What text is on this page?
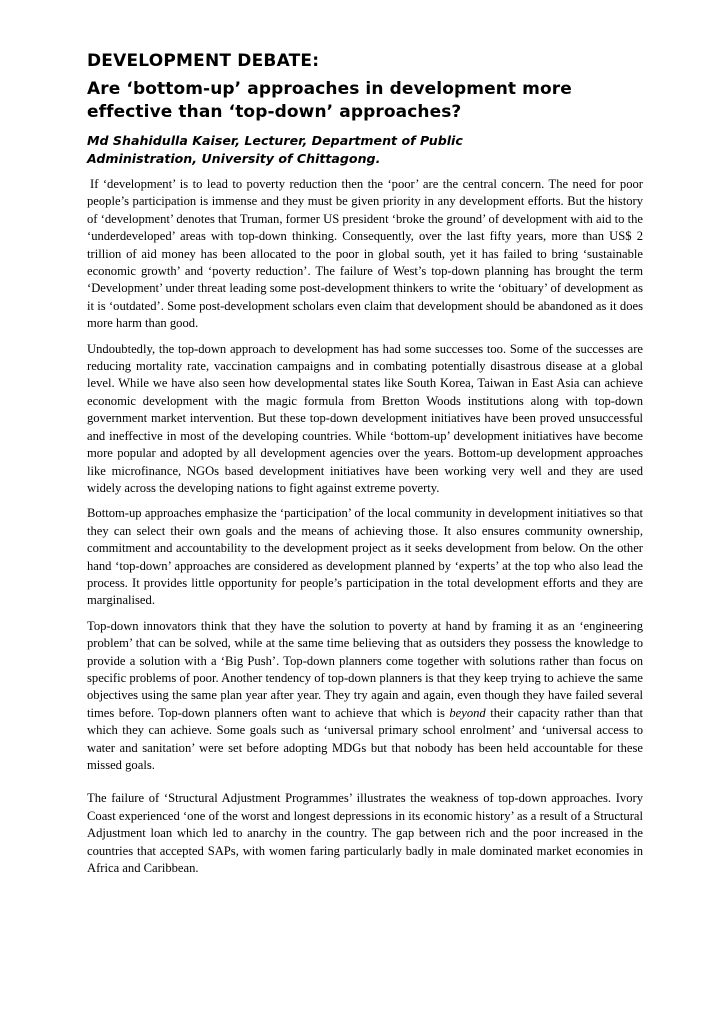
DEVELOPMENT DEBATE:
Are ‘bottom-up’ approaches in development more effective than ‘top-down’ approaches?
Md Shahidulla Kaiser, Lecturer, Department of Public Administration, University of Chittagong.

If ‘development’ is to lead to poverty reduction then the ‘poor’ are the central concern. The need for poor people’s participation is immense and they must be given priority in any development efforts. But the history of ‘development’ denotes that Truman, former US president ‘broke the ground’ of development with aid to the ‘underdeveloped’ areas with top-down thinking. Consequently, over the last fifty years, more than US$ 2 trillion of aid money has been allocated to the poor in global south, yet it has failed to bring ‘sustainable economic growth’ and ‘poverty reduction’. The failure of West’s top-down planning has brought the term ‘Development’ under threat leading some post-development thinkers to write the ‘obituary’ of development as it is ‘outdated’. Some post-development scholars even claim that development should be abandoned as it does more harm than good.

Undoubtedly, the top-down approach to development has had some successes too. Some of the successes are reducing mortality rate, vaccination campaigns and in combating potentially disastrous disease at a global level. While we have also seen how developmental states like South Korea, Taiwan in East Asia can achieve economic development with the magic formula from Bretton Woods institutions along with top-down government market intervention. But these top-down development initiatives have been proved unsuccessful and ineffective in most of the developing countries. While ‘bottom-up’ development initiatives have become more popular and adopted by all development agencies over the years. Bottom-up development approaches like microfinance, NGOs based development initiatives have been working very well and they are used widely across the developing nations to fight against extreme poverty.

Bottom-up approaches emphasize the ‘participation’ of the local community in development initiatives so that they can select their own goals and the means of achieving those. It also ensures community ownership, commitment and accountability to the development project as it seeks development from below. On the other hand ‘top-down’ approaches are considered as development planned by ‘experts’ at the top who also lead the process. It provides little opportunity for people’s participation in the total development efforts and they are marginalised.

Top-down innovators think that they have the solution to poverty at hand by framing it as an ‘engineering problem’ that can be solved, while at the same time believing that as outsiders they possess the knowledge to provide a solution with a ‘Big Push’. Top-down planners come together with solutions rather than focus on specific problems of poor. Another tendency of top-down planners is that they keep trying to achieve the same objectives using the same plan year after year. They try again and again, even though they have failed several times before. Top-down planners often want to achieve that which is beyond their capacity rather than that which they can achieve. Some goals such as ‘universal primary school enrolment’ and ‘universal access to water and sanitation’ were set before adopting MDGs but that nobody has been held accountable for these missed goals.

The failure of ‘Structural Adjustment Programmes’ illustrates the weakness of top-down approaches. Ivory Coast experienced ‘one of the worst and longest depressions in its economic history’ as a result of a Structural Adjustment loan which led to anarchy in the country. The gap between rich and the poor increased in the countries that accepted SAPs, with women faring particularly badly in male dominated market economies in Africa and Caribbean.
